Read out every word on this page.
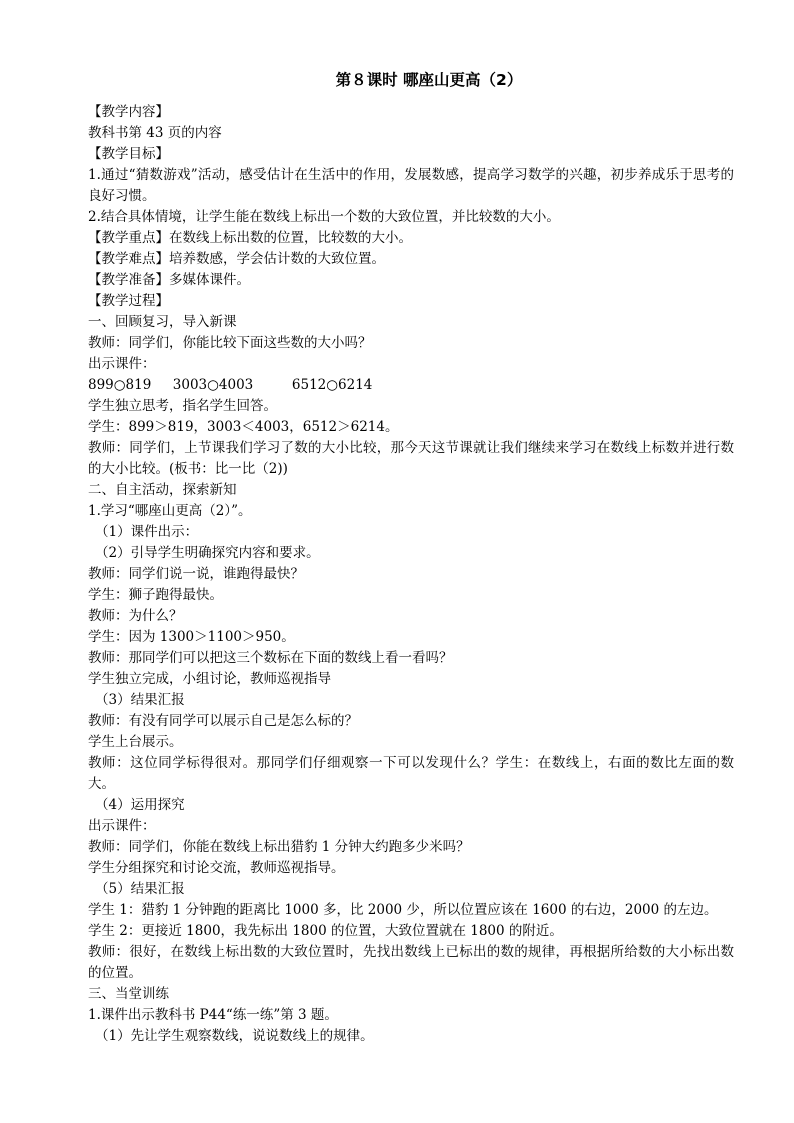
第８课时 哪座山更高（2）
【教学内容】
教科书第 43 页的内容
【教学目标】
1.通过“猜数游戏”活动，感受估计在生活中的作用，发展数感，提高学习数学的兴趣，初步养成乐于思考的良好习惯。
2.结合具体情境，让学生能在数线上标出一个数的大致位置，并比较数的大小。
【教学重点】在数线上标出数的位置，比较数的大小。
【教学难点】培养数感，学会估计数的大致位置。
【教学准备】多媒体课件。
【教学过程】
一、回顾复习，导入新课
教师：同学们，你能比较下面这些数的大小吗？
出示课件：
899○819     3003○4003         6512○6214
学生独立思考，指名学生回答。
学生：899＞819，3003＜4003，6512＞6214。
教师：同学们，上节课我们学习了数的大小比较，那今天这节课就让我们继续来学习在数线上标数并进行数的大小比较。(板书：比一比（2))
二、自主活动，探索新知
1.学习“哪座山更高（2）”。
（1）课件出示：
（2）引导学生明确探究内容和要求。
教师：同学们说一说，谁跑得最快？
学生：狮子跑得最快。
教师：为什么？
学生：因为 1300＞1100＞950。
教师：那同学们可以把这三个数标在下面的数线上看一看吗？
学生独立完成，小组讨论，教师巡视指导
（3）结果汇报
教师：有没有同学可以展示自己是怎么标的？
学生上台展示。
教师：这位同学标得很对。那同学们仔细观察一下可以发现什么？学生：在数线上，右面的数比左面的数大。
（4）运用探究
出示课件：
教师：同学们，你能在数线上标出猎豹 1 分钟大约跑多少米吗？
学生分组探究和讨论交流，教师巡视指导。
（5）结果汇报
学生 1：猎豹 1 分钟跑的距离比 1000 多，比 2000 少，所以位置应该在 1600 的右边，2000 的左边。
学生 2：更接近 1800，我先标出 1800 的位置，大致位置就在 1800 的附近。
教师：很好，在数线上标出数的大致位置时，先找出数线上已标出的数的规律，再根据所给数的大小标出数的位置。
三、当堂训练
1.课件出示教科书 P44“练一练”第 3 题。
（1）先让学生观察数线，说说数线上的规律。
